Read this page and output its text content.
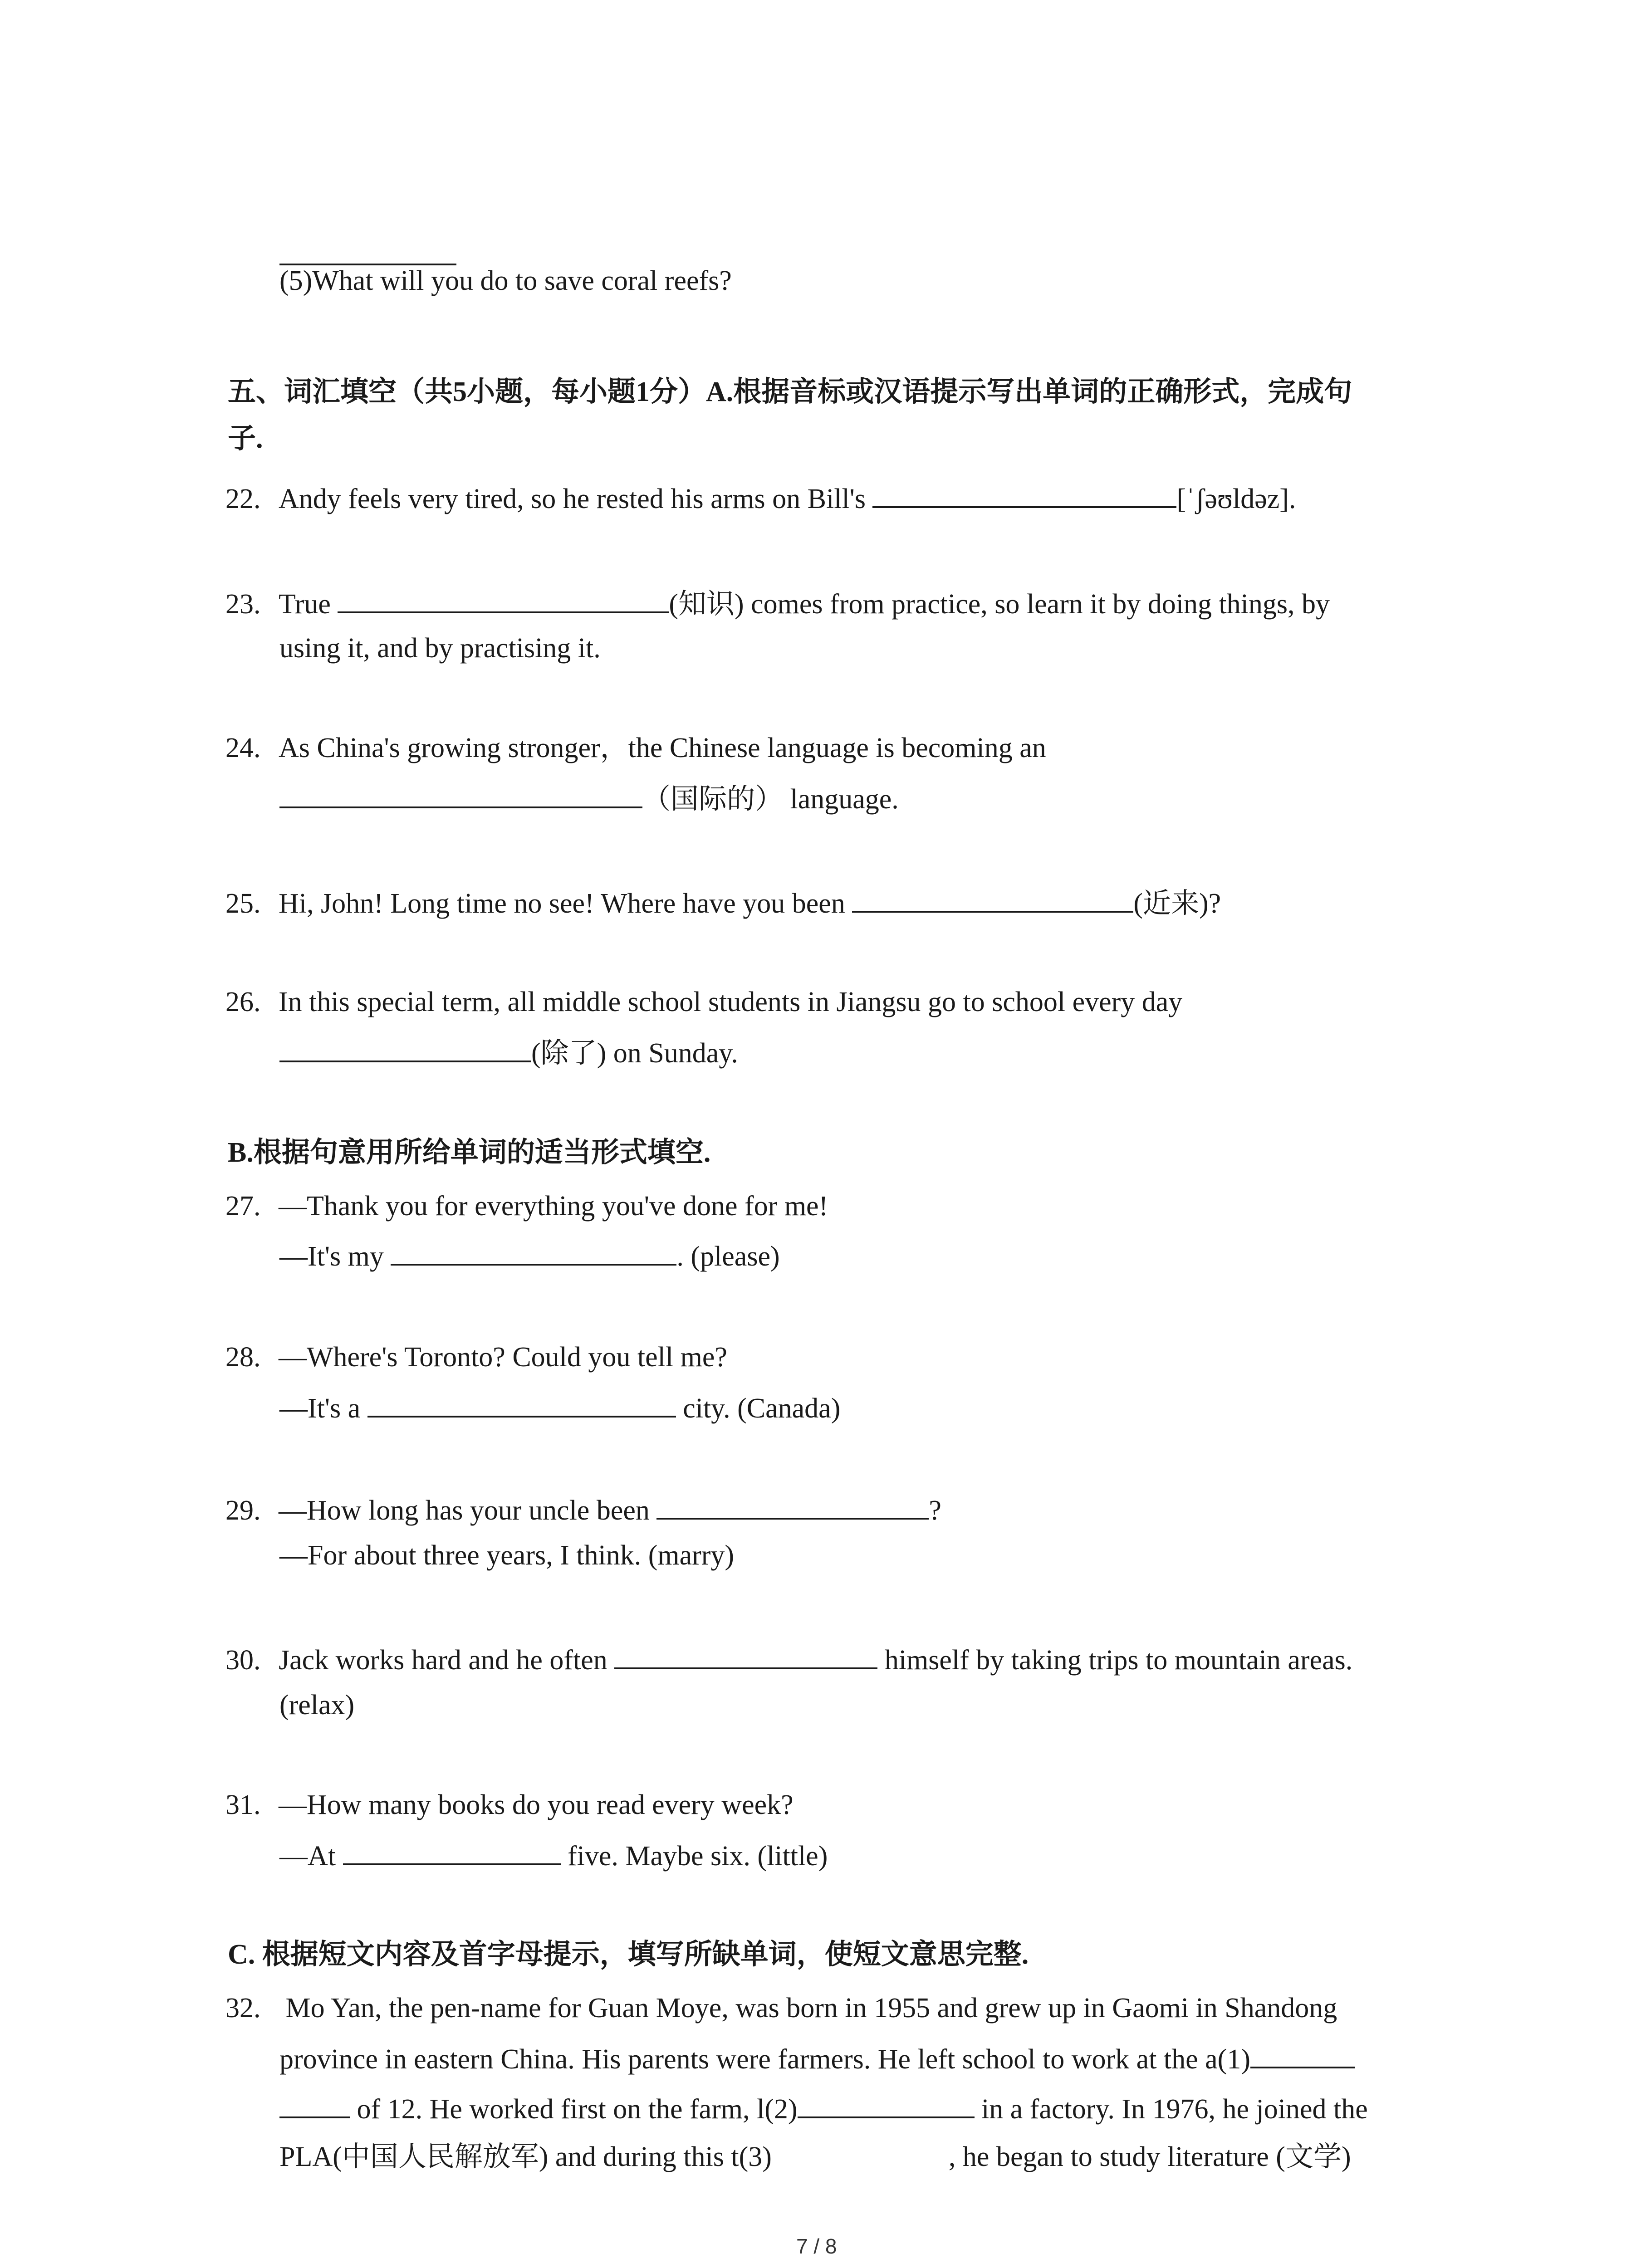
(5)What will you do to save coral reefs?
五、词汇填空（共5小题，每小题1分）A.根据音标或汉语提示写出单词的正确形式，完成句
子.
22. Andy feels very tired, so he rested his arms on Bill's	[ˈʃəʊldəz].
23. True	(知识) comes from practice, so learn it by doing things, by
using it, and by practising it.
24. As China's growing stronger，the Chinese language is becoming an
（国际的） language.
25. Hi, John! Long time no see! Where have you been	(近来)?
26. In this special term, all middle school students in Jiangsu go to school every day
(除了) on Sunday.
B.根据句意用所给单词的适当形式填空.
27. —Thank you for everything you've done for me!
—It's my	. (please)
28. —Where's Toronto? Could you tell me?
—It's a	city. (Canada)
29. —How long has your uncle been	?
—For about three years, I think. (marry)
30. Jack works hard and he often	himself by taking trips to mountain areas.
(relax)
31. —How many books do you read every week?
—At	five. Maybe six. (little)
C. 根据短文内容及首字母提示，填写所缺单词，使短文意思完整.
32.  Mo Yan, the pen-name for Guan Moye, was born in 1955 and grew up in Gaomi in Shandong
province in eastern China. His parents were farmers. He left school to work at the a(1)
of 12. He worked first on the farm, l(2)	in a factory. In 1976, he joined the
PLA(中国人民解放军) and during this t(3)	, he began to study literature (文学)
7 / 8
